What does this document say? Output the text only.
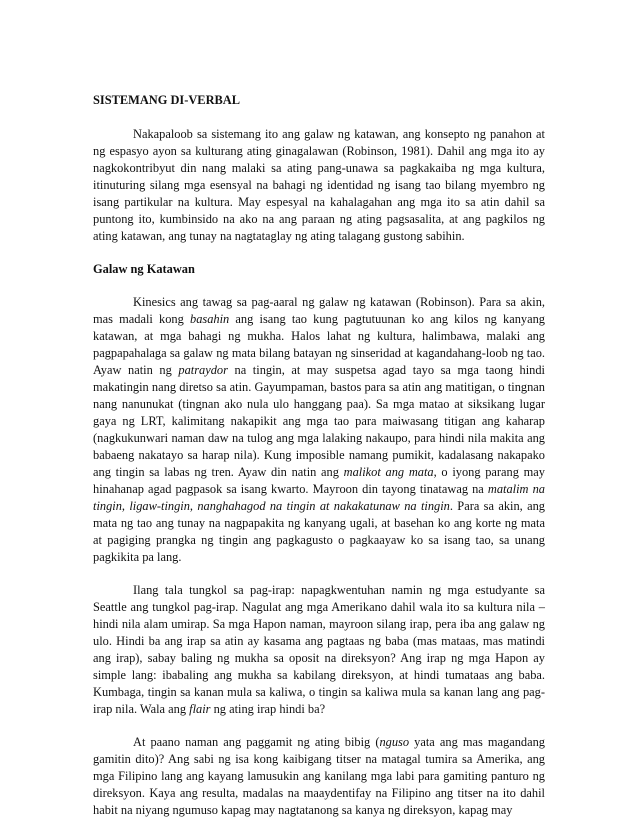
SISTEMANG DI-VERBAL

Nakapaloob sa sistemang ito ang galaw ng katawan, ang konsepto ng panahon at ng espasyo ayon sa kulturang ating ginagalawan (Robinson, 1981). Dahil ang mga ito ay nagkokontribyut din nang malaki sa ating pang-unawa sa pagkakaiba ng mga kultura, itinuturing silang mga esensyal na bahagi ng identidad ng isang tao bilang myembro ng isang partikular na kultura. May espesyal na kahalagahan ang mga ito sa atin dahil sa puntong ito, kumbinsido na ako na ang paraan ng ating pagsasalita, at ang pagkilos ng ating katawan, ang tunay na nagtataglay ng ating talagang gustong sabihin.

Galaw ng Katawan

Kinesics ang tawag sa pag-aaral ng galaw ng katawan (Robinson). Para sa akin, mas madali kong basahin ang isang tao kung pagtutuunan ko ang kilos ng kanyang katawan, at mga bahagi ng mukha. Halos lahat ng kultura, halimbawa, malaki ang pagpapahalaga sa galaw ng mata bilang batayan ng sinseridad at kagandahang-loob ng tao. Ayaw natin ng patraydor na tingin, at may suspetsa agad tayo sa mga taong hindi makatingin nang diretso sa atin. Gayumpaman, bastos para sa atin ang matitigan, o tingnan nang nanunukat (tingnan ako nula ulo hanggang paa). Sa mga matao at siksikang lugar gaya ng LRT, kalimitang nakapikit ang mga tao para maiwasang titigan ang kaharap (nagkukunwari naman daw na tulog ang mga lalaking nakaupo, para hindi nila makita ang babaeng nakatayo sa harap nila). Kung imposible namang pumikit, kadalasang nakapako ang tingin sa labas ng tren. Ayaw din natin ang malikot ang mata, o iyong parang may hinahanap agad pagpasok sa isang kwarto. Mayroon din tayong tinatawag na matalim na tingin, ligaw-tingin, nanghahagod na tingin at nakakatunaw na tingin. Para sa akin, ang mata ng tao ang tunay na nagpapakita ng kanyang ugali, at basehan ko ang korte ng mata at pagiging prangka ng tingin ang pagkagusto o pagkaayaw ko sa isang tao, sa unang pagkikita pa lang.

Ilang tala tungkol sa pag-irap: napagkwentuhan namin ng mga estudyante sa Seattle ang tungkol pag-irap. Nagulat ang mga Amerikano dahil wala ito sa kultura nila – hindi nila alam umirap. Sa mga Hapon naman, mayroon silang irap, pera iba ang galaw ng ulo. Hindi ba ang irap sa atin ay kasama ang pagtaas ng baba (mas mataas, mas matindi ang irap), sabay baling ng mukha sa oposit na direksyon? Ang irap ng mga Hapon ay simple lang: ibabaling ang mukha sa kabilang direksyon, at hindi tumataas ang baba. Kumbaga, tingin sa kanan mula sa kaliwa, o tingin sa kaliwa mula sa kanan lang ang pag-irap nila. Wala ang flair ng ating irap hindi ba?

At paano naman ang paggamit ng ating bibig (nguso yata ang mas magandang gamitin dito)? Ang sabi ng isa kong kaibigang titser na matagal tumira sa Amerika, ang mga Filipino lang ang kayang lamusukin ang kanilang mga labi para gamiting panturo ng direksyon. Kaya ang resulta, madalas na maaydentifay na Filipino ang titser na ito dahil habit na niyang ngumuso kapag may nagtatanong sa kanya ng direksyon, kapag may
